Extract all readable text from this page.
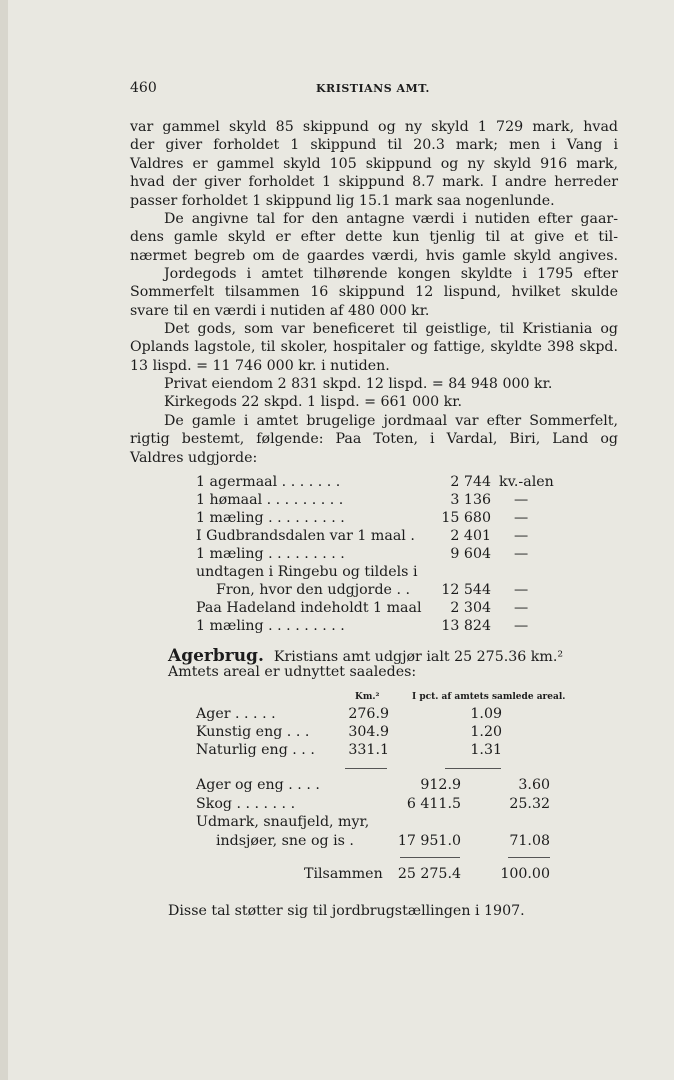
460	KRISTIANS AMT.
var gammel skyld 85 skippund og ny skyld 1 729 mark, hvad
der giver forholdet 1 skippund til 20.3 mark; men i Vang i
Valdres er gammel skyld 105 skippund og ny skyld 916 mark,
hvad der giver forholdet 1 skippund 8.7 mark. I andre herreder
passer forholdet 1 skippund lig 15.1 mark saa nogenlunde.
De angivne tal for den antagne værdi i nutiden efter gaar-
dens gamle skyld er efter dette kun tjenlig til at give et til-
nærmet begreb om de gaardes værdi, hvis gamle skyld angives.
Jordegods i amtet tilhørende kongen skyldte i 1795 efter
Sommerfelt tilsammen 16 skippund 12 lispund, hvilket skulde
svare til en værdi i nutiden af 480 000 kr.
Det gods, som var beneficeret til geistlige, til Kristiania og
Oplands lagstole, til skoler, hospitaler og fattige, skyldte 398 skpd.
13 lispd. = 11 746 000 kr. i nutiden.
Privat eiendom 2 831 skpd. 12 lispd. = 84 948 000 kr.
Kirkegods 22 skpd. 1 lispd. = 661 000 kr.
De gamle i amtet brugelige jordmaal var efter Sommerfelt,
rigtig bestemt, følgende: Paa Toten, i Vardal, Biri, Land og
Valdres udgjorde:
1 agermaal . . . . . . .	2 744 kv.-alen
1 hømaal . . . . . . . . .	3 136 —
1 mæling . . . . . . . . .	15 680 —
I Gudbrandsdalen var 1 maal .	2 401 —
1 mæling . . . . . . . . .	9 604 —
undtagen i Ringebu og tildels i
Fron, hvor den udgjorde . . 12 544 —
Paa Hadeland indeholdt 1 maal 2 304 —
1 mæling . . . . . . . . .	13 824 —
Agerbrug. Kristians amt udgjør ialt 25 275.36 km.²
Amtets areal er udnyttet saaledes:
Km.²	I pct. af amtets samlede areal.
Ager . . . . .	276.9	1.09
Kunstig eng . . .	304.9	1.20
Naturlig eng . . . 331.1	1.31
Ager og eng . . . .	912.9	3.60
Skog . . . . . . .	6 411.5	25.32
Udmark, snaufjeld, myr,
indsjøer, sne og is .	17 951.0	71.08
Tilsammen 25 275.4	100.00
Disse tal støtter sig til jordbrugstællingen i 1907.
